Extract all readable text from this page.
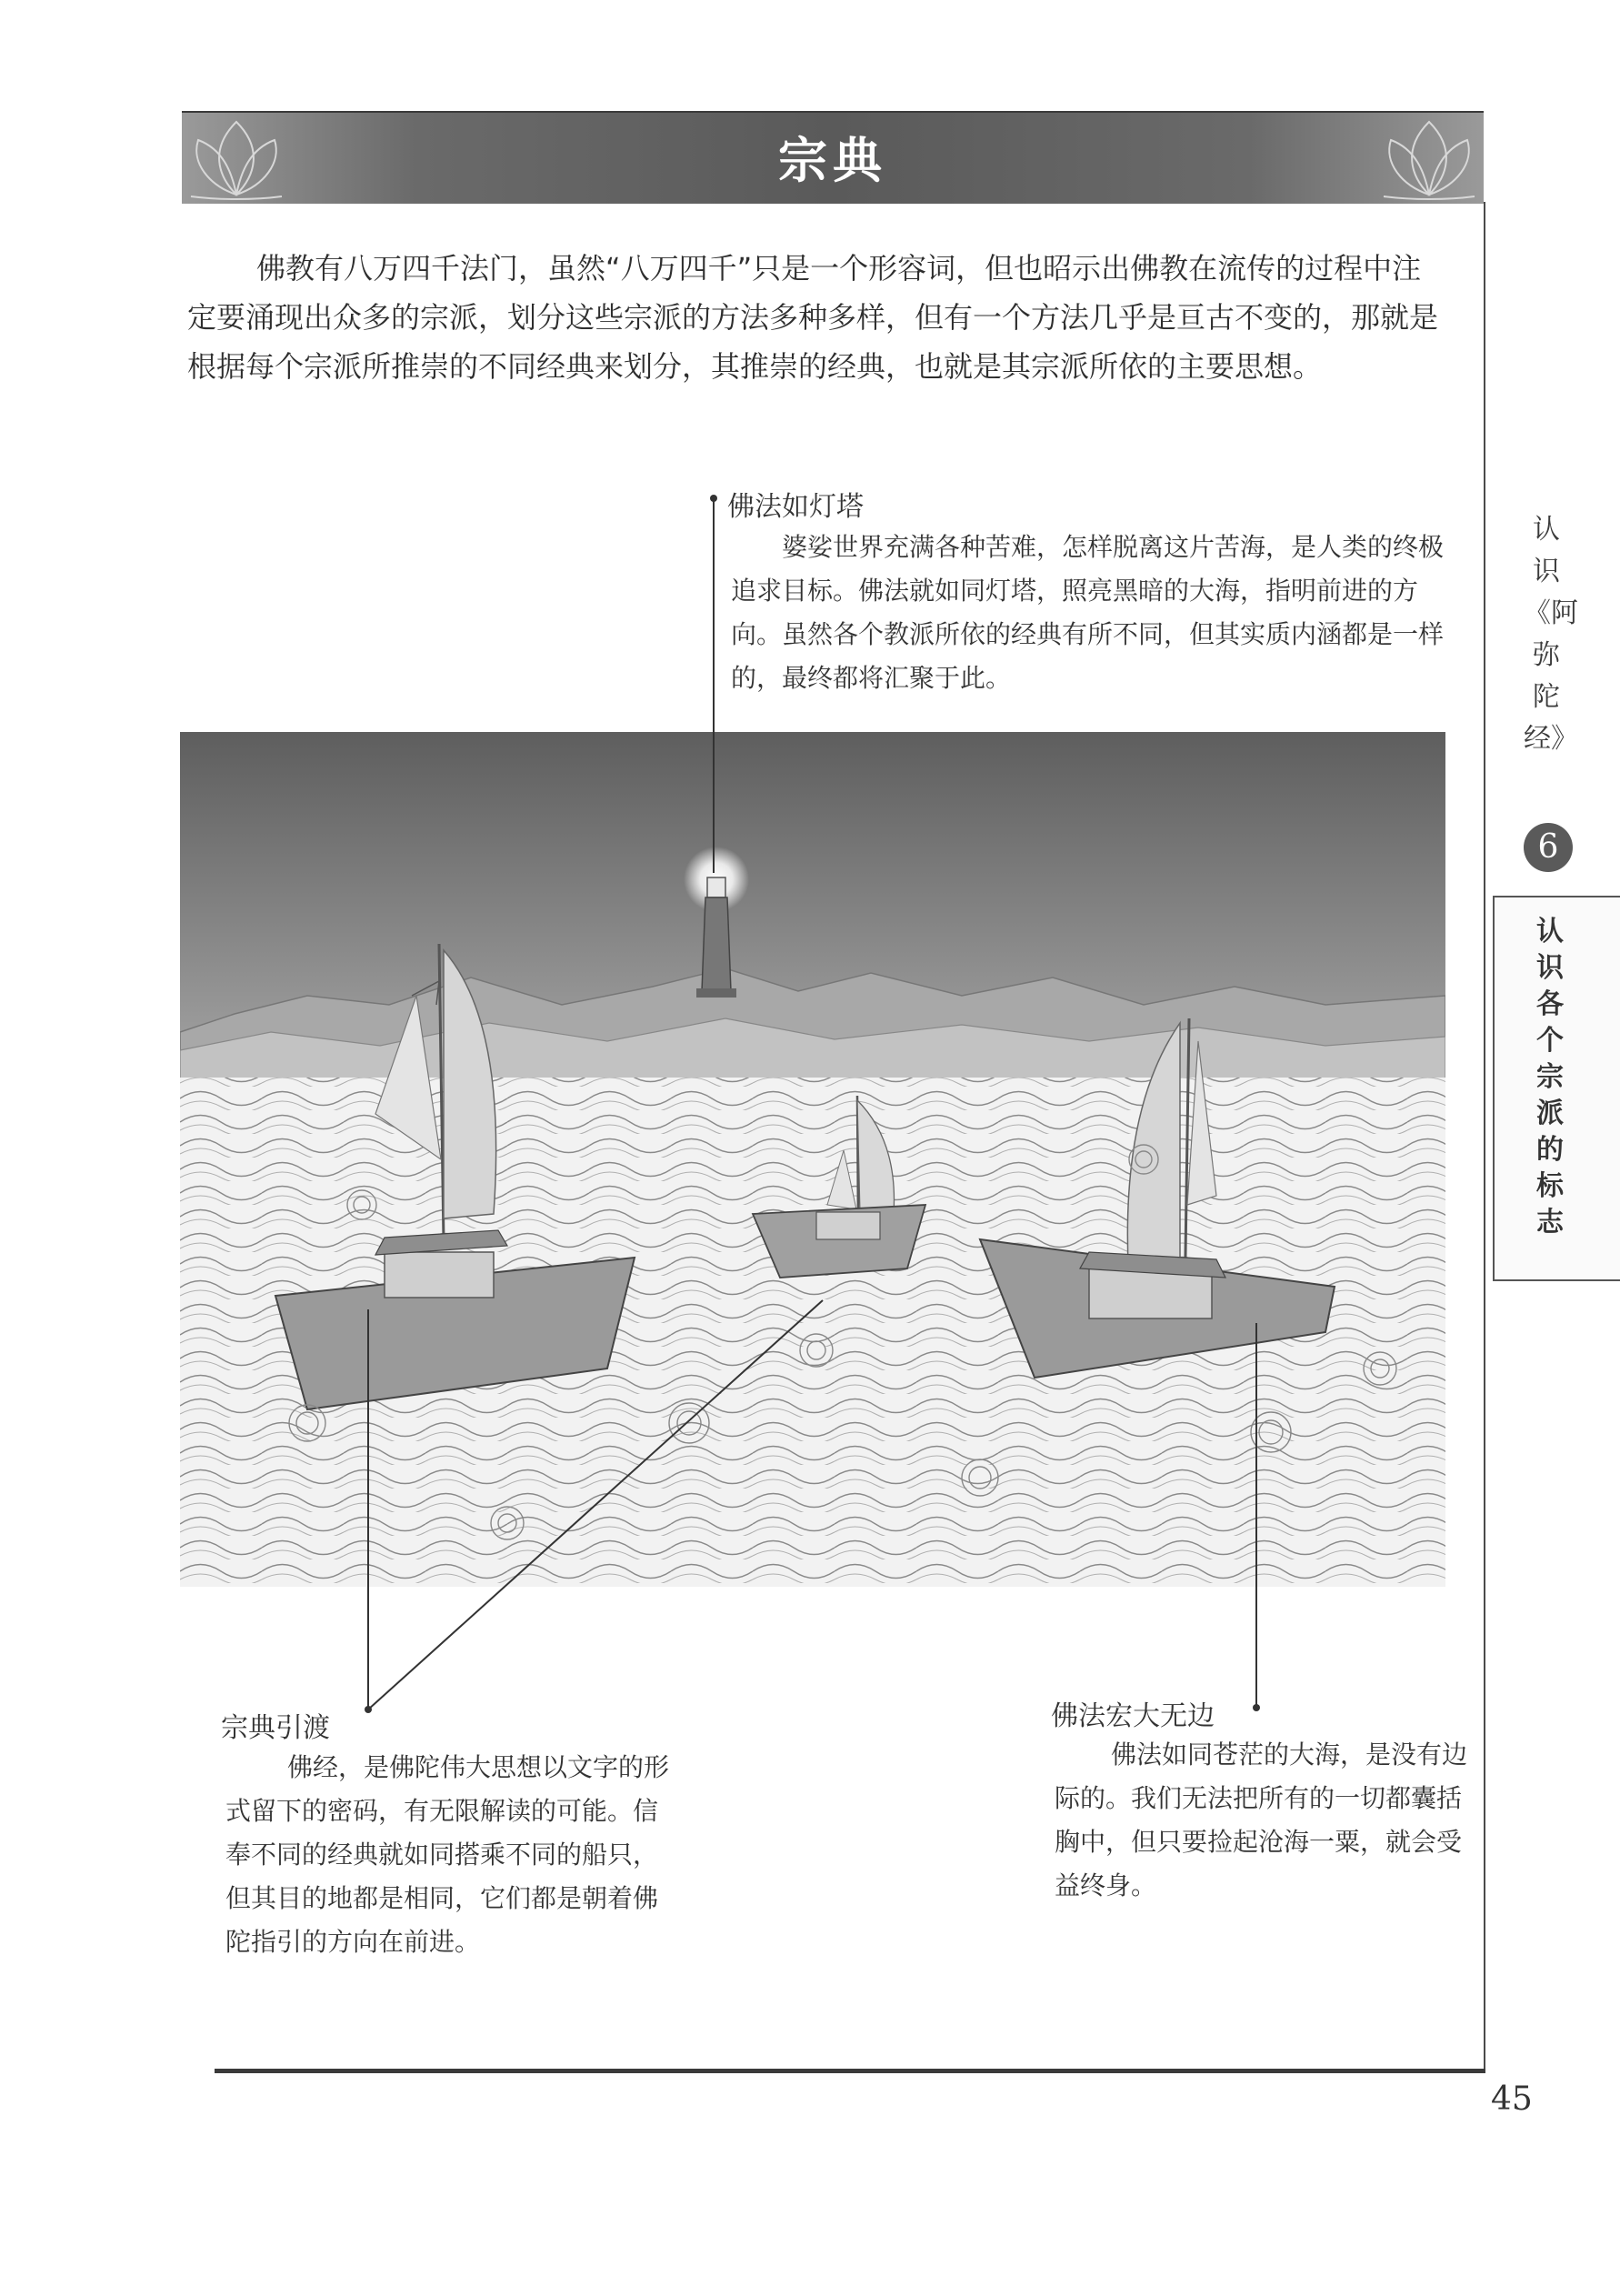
宗典

佛教有八万四千法门，虽然“八万四千”只是一个形容词，但也昭示出佛教在流传的过程中注定要涌现出众多的宗派，划分这些宗派的方法多种多样，但有一个方法几乎是亘古不变的，那就是根据每个宗派所推崇的不同经典来划分，其推崇的经典，也就是其宗派所依的主要思想。

认识《阿弥陀经》
6
认识各个宗派的标志
佛法如灯塔

婆娑世界充满各种苦难，怎样脱离这片苦海，是人类的终极追求目标。佛法就如同灯塔，照亮黑暗的大海，指明前进的方向。虽然各个教派所依的经典有所不同，但其实质内涵都是一样的，最终都将汇聚于此。

宗典引渡

佛经，是佛陀伟大思想以文字的形式留下的密码，有无限解读的可能。信奉不同的经典就如同搭乘不同的船只，但其目的地都是相同，它们都是朝着佛陀指引的方向在前进。

佛法宏大无边

佛法如同苍茫的大海，是没有边际的。我们无法把所有的一切都囊括胸中，但只要捡起沧海一粟，就会受益终身。

45
